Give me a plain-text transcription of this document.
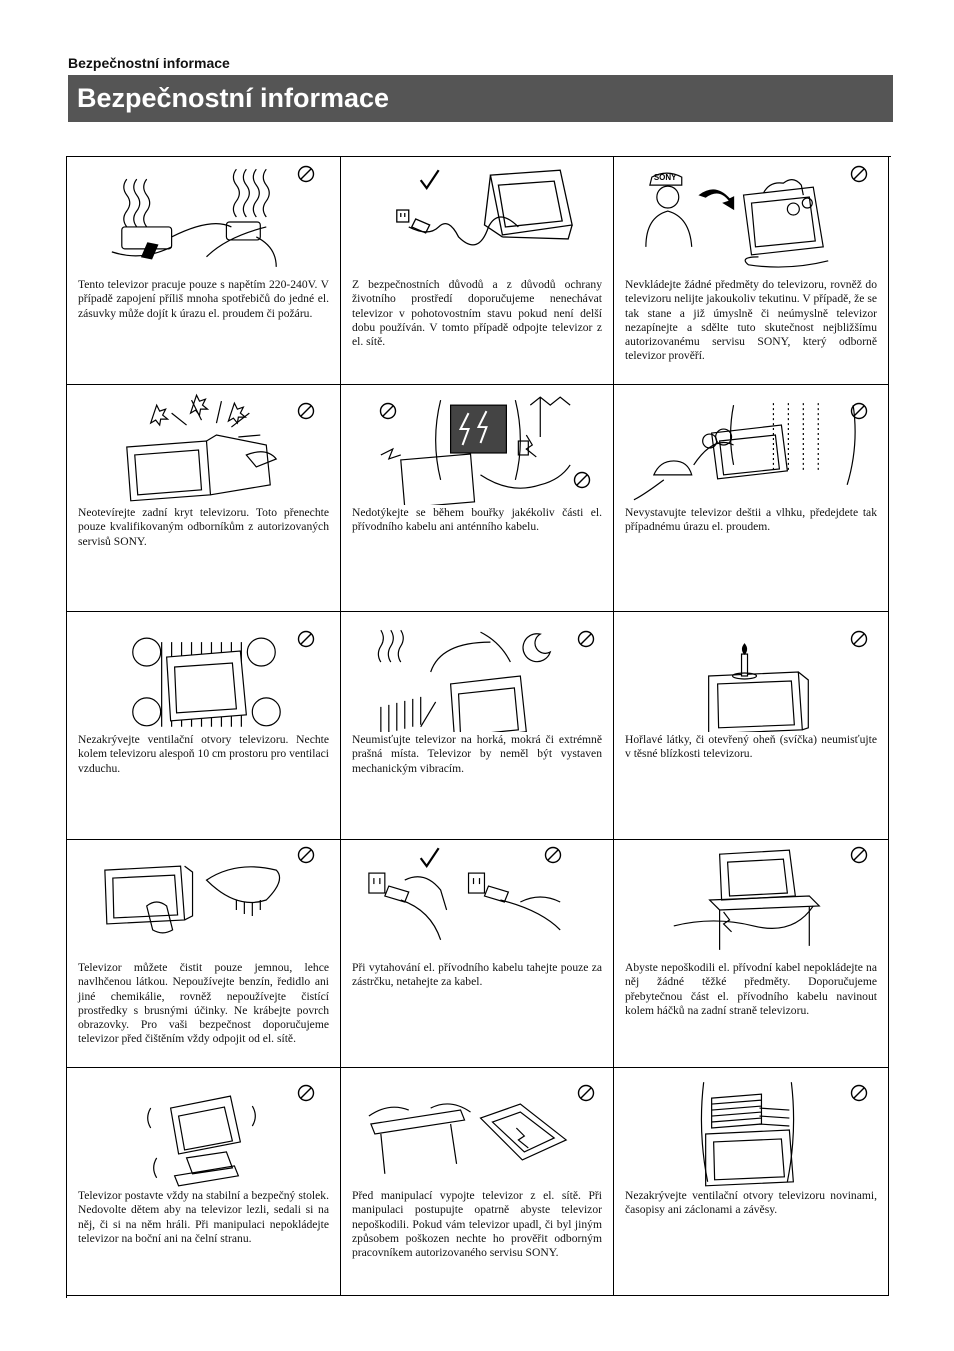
Bezpečnostní informace
Bezpečnostní informace
Tento televizor pracuje pouze s napětím 220-240V. V případě zapojení příliš mnoha spotřebičů do jedné el. zásuvky může dojít k úrazu el. proudem či požáru.
Z bezpečnostních důvodů a z důvodů ochrany životního prostředí doporučujeme nenechávat televizor v pohotovostním stavu pokud není delší dobu používán. V tomto případě odpojte televizor z el. sítě.
SONY
Nevkládejte žádné předměty do televizoru, rovněž do televizoru nelijte jakoukoliv tekutinu. V případě, že se tak stane a již úmyslně či neúmyslně televizor nezapínejte a sdělte tuto skutečnost nejbližšímu autorizovanému servisu SONY, který odborně televizor prověří.
Neotevírejte zadní kryt televizoru. Toto přenechte pouze kvalifikovaným odborníkům z autorizovaných servisů SONY.
Nedotýkejte se během bouřky jakékoliv části el. přívodního kabelu ani anténního kabelu.
Nevystavujte televizor deštii a vlhku, předejdete tak případnému úrazu el. proudem.
Nezakrývejte ventilační otvory televizoru. Nechte kolem televizoru alespoň 10 cm prostoru pro ventilaci vzduchu.
Neumisťujte televizor na horká, mokrá či extrémně prašná místa. Televizor by neměl být vystaven mechanickým vibracím.
Hořlavé látky, či otevřený oheň (svíčka) neumisťujte v těsné blízkosti televizoru.
Televizor můžete čistit pouze jemnou, lehce navlhčenou látkou. Nepoužívejte benzín, ředidlo ani jiné chemikálie, rovněž nepoužívejte čistící prostředky s brusnými účinky. Ne krábejte povrch obrazovky. Pro vaši bezpečnost doporučujeme televizor před čištěním vždy odpojit od el. sítě.
Při vytahování el. přívodního kabelu tahejte pouze za zástrčku, netahejte za kabel.
Abyste nepoškodili el. přívodní kabel nepokládejte na něj žádné těžké předměty. Doporučujeme přebytečnou část el. přívodního kabelu navinout kolem háčků na zadní straně televizoru.
Televizor postavte vždy na stabilní a bezpečný stolek. Nedovolte dětem aby na televizor lezli, sedali si na něj, či si na něm hráli. Při manipulaci nepokládejte televizor na boční ani na čelní stranu.
Před manipulací vypojte televizor z el. sítě. Při manipulaci postupujte opatrně abyste televizor nepoškodili. Pokud vám televizor upadl, či byl jiným způsobem poškozen nechte ho prověřit odborným pracovníkem autorizovaného servisu SONY.
Nezakrývejte ventilační otvory televizoru novinami, časopisy ani záclonami a závěsy.
